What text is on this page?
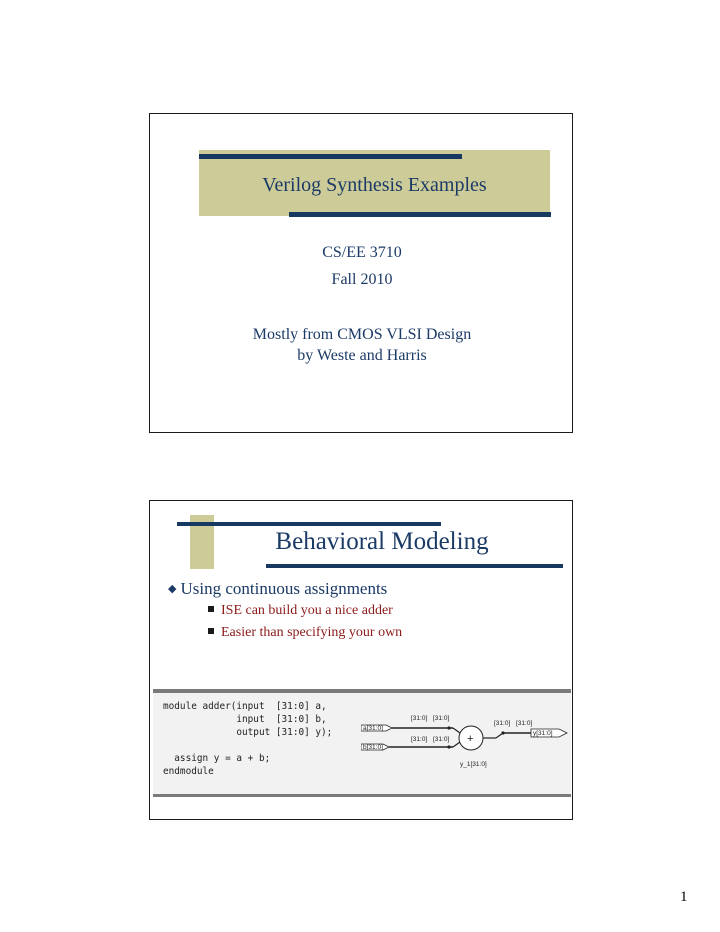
Verilog Synthesis Examples
CS/EE 3710
Fall 2010
Mostly from CMOS VLSI Design
by Weste and Harris
Behavioral Modeling
◆ Using continuous assignments
ISE can build you a nice adder
Easier than specifying your own
module adder(input  [31:0] a,
input  [31:0] b,
output [31:0] y);

assign y = a + b;
endmodule
a[31:0]
b[31:0]
[31:0] [31:0]
[31:0] [31:0] +
[31:0] [31:0]
y[31:0]
y_1[31:0]
1
